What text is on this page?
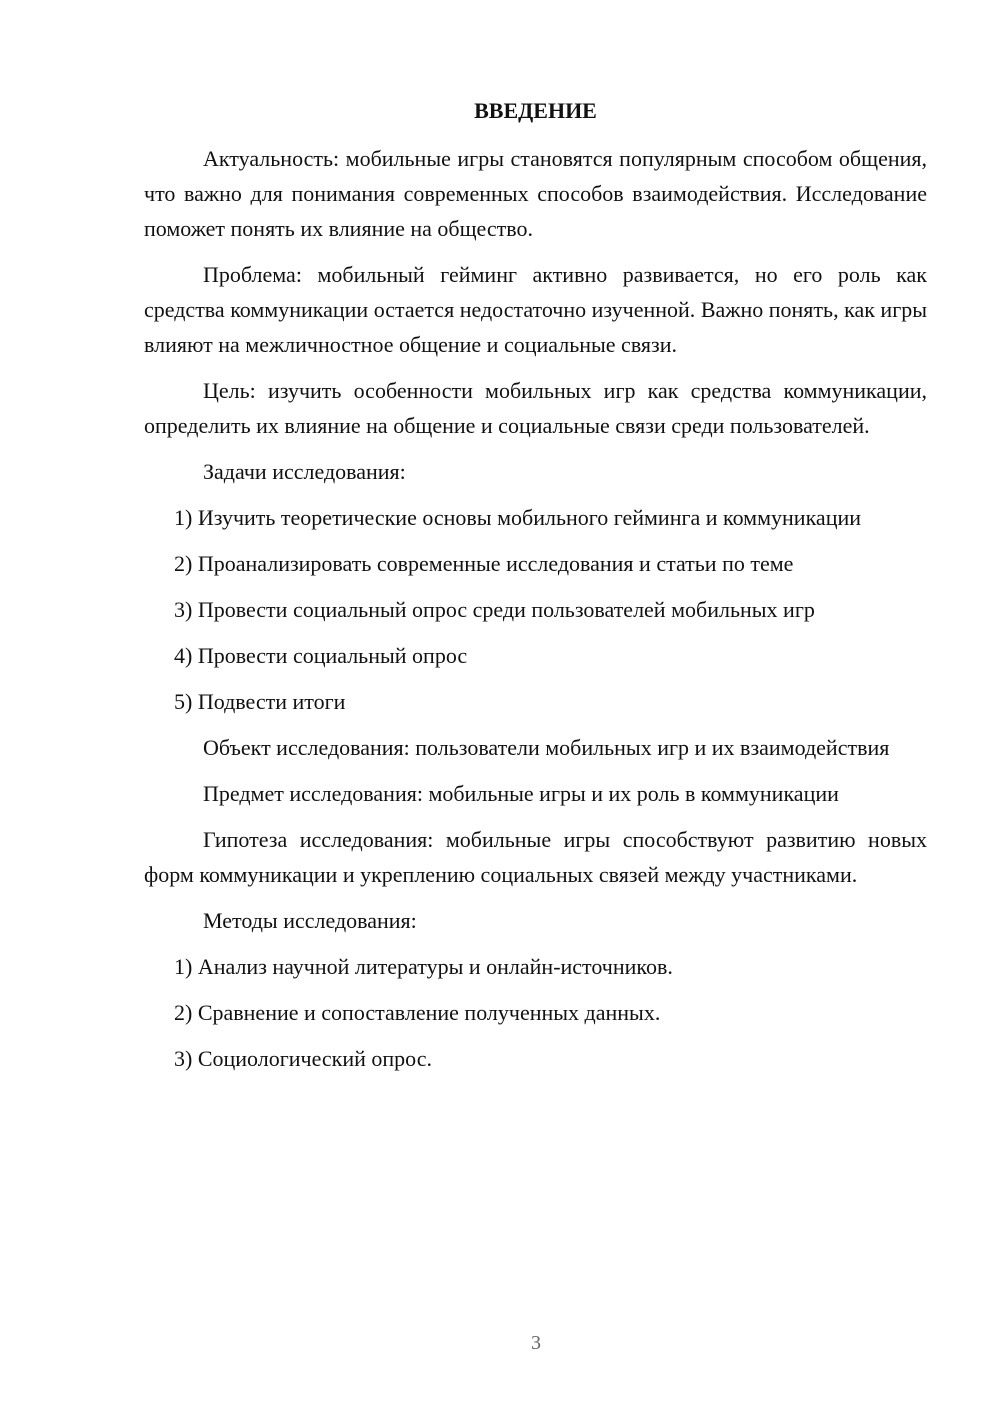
ВВЕДЕНИЕ

Актуальность: мобильные игры становятся популярным способом общения, что важно для понимания современных способов взаимодействия. Исследование поможет понять их влияние на общество.

Проблема: мобильный гейминг активно развивается, но его роль как средства коммуникации остается недостаточно изученной. Важно понять, как игры влияют на межличностное общение и социальные связи.

Цель: изучить особенности мобильных игр как средства коммуникации, определить их влияние на общение и социальные связи среди пользователей.

Задачи исследования:

1) Изучить теоретические основы мобильного гейминга и коммуникации

2) Проанализировать современные исследования и статьи по теме

3) Провести социальный опрос среди пользователей мобильных игр

4) Провести социальный опрос

5) Подвести итоги

Объект исследования: пользователи мобильных игр и их взаимодействия

Предмет исследования: мобильные игры и их роль в коммуникации

Гипотеза исследования: мобильные игры способствуют развитию новых форм коммуникации и укреплению социальных связей между участниками.

Методы исследования:

1) Анализ научной литературы и онлайн-источников.

2) Сравнение и сопоставление полученных данных.

3) Социологический опрос.

3
